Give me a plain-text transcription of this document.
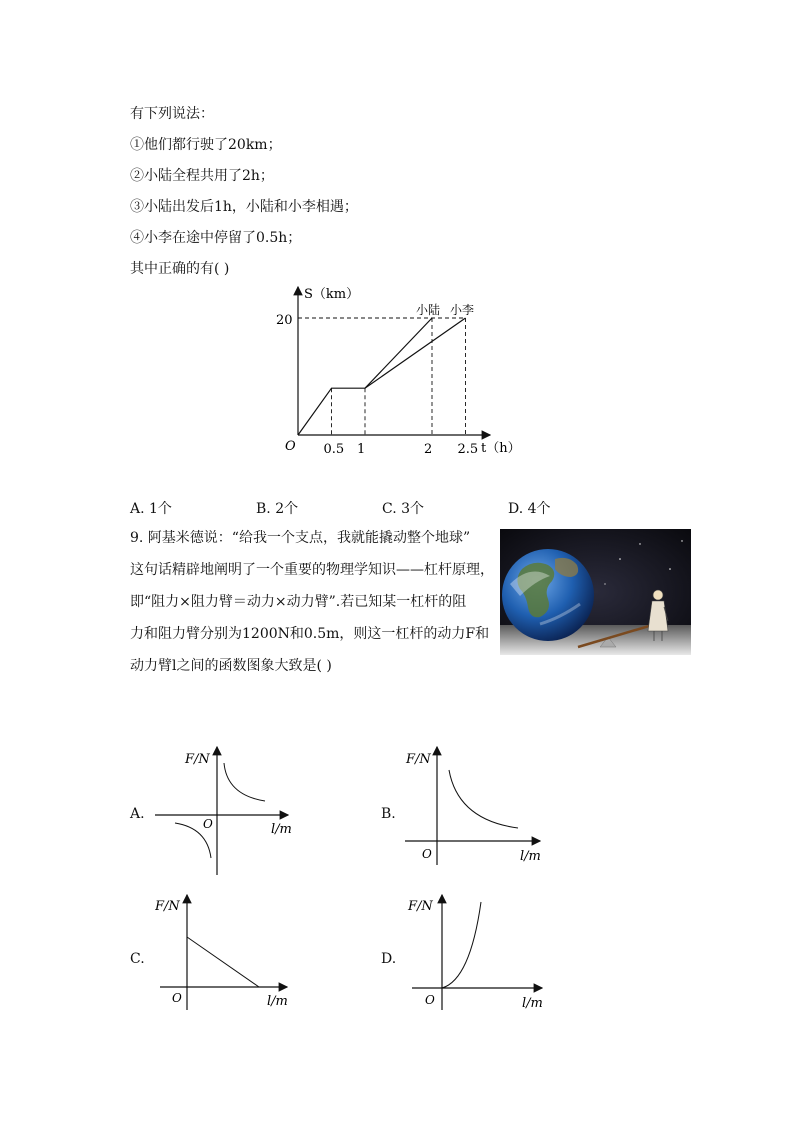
有下列说法：
①他们都行驶了20km；
②小陆全程共用了2h；
③小陆出发后1h，小陆和小李相遇；
④小李在途中停留了0.5h；
其中正确的有( )
S（km）
t（h）
O
20
0.5 1	2 2.5
小陆 小李
A. 1个	B. 2个	C. 3个	D. 4个
9. 阿基米德说：“给我一个支点，我就能撬动整个地球”
这句话精辟地阐明了一个重要的物理学知识——杠杆原理，
即“阻力×阻力臂＝动力×动力臂”.若已知某一杠杆的阻
力和阻力臂分别为1200N和0.5m，则这一杠杆的动力F和
动力臂l之间的函数图象大致是( )
A.
F/N
l/m
O
B.
F/N
l/m
O
C.
F/N
l/m
O
D.
F/N
l/m
O
